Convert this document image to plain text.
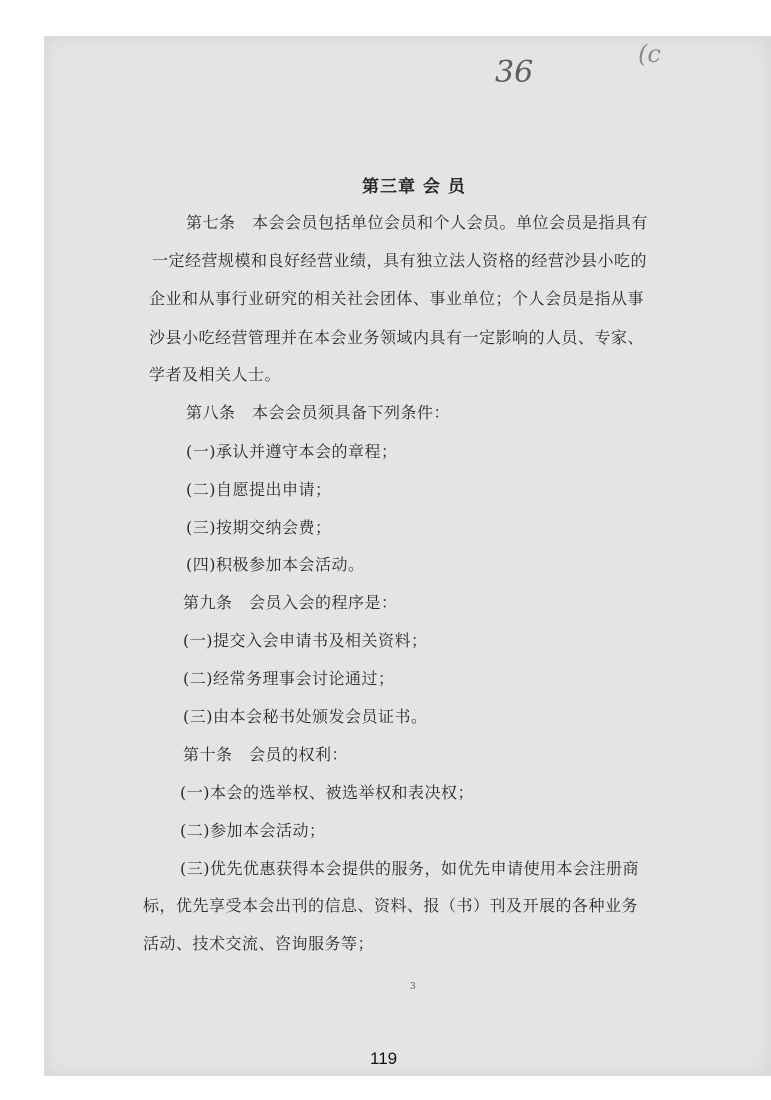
36
(c
第三章 会 员
第七条　本会会员包括单位会员和个人会员。单位会员是指具有
一定经营规模和良好经营业绩，具有独立法人资格的经营沙县小吃的
企业和从事行业研究的相关社会团体、事业单位；个人会员是指从事
沙县小吃经营管理并在本会业务领域内具有一定影响的人员、专家、
学者及相关人士。
第八条　本会会员须具备下列条件：
(一)承认并遵守本会的章程；
(二)自愿提出申请；
(三)按期交纳会费；
(四)积极参加本会活动。
第九条　会员入会的程序是：
(一)提交入会申请书及相关资料；
(二)经常务理事会讨论通过；
(三)由本会秘书处颁发会员证书。
第十条　会员的权利：
(一)本会的选举权、被选举权和表决权；
(二)参加本会活动；
(三)优先优惠获得本会提供的服务，如优先申请使用本会注册商
标，优先享受本会出刊的信息、资料、报（书）刊及开展的各种业务
活动、技术交流、咨询服务等；
3
119
